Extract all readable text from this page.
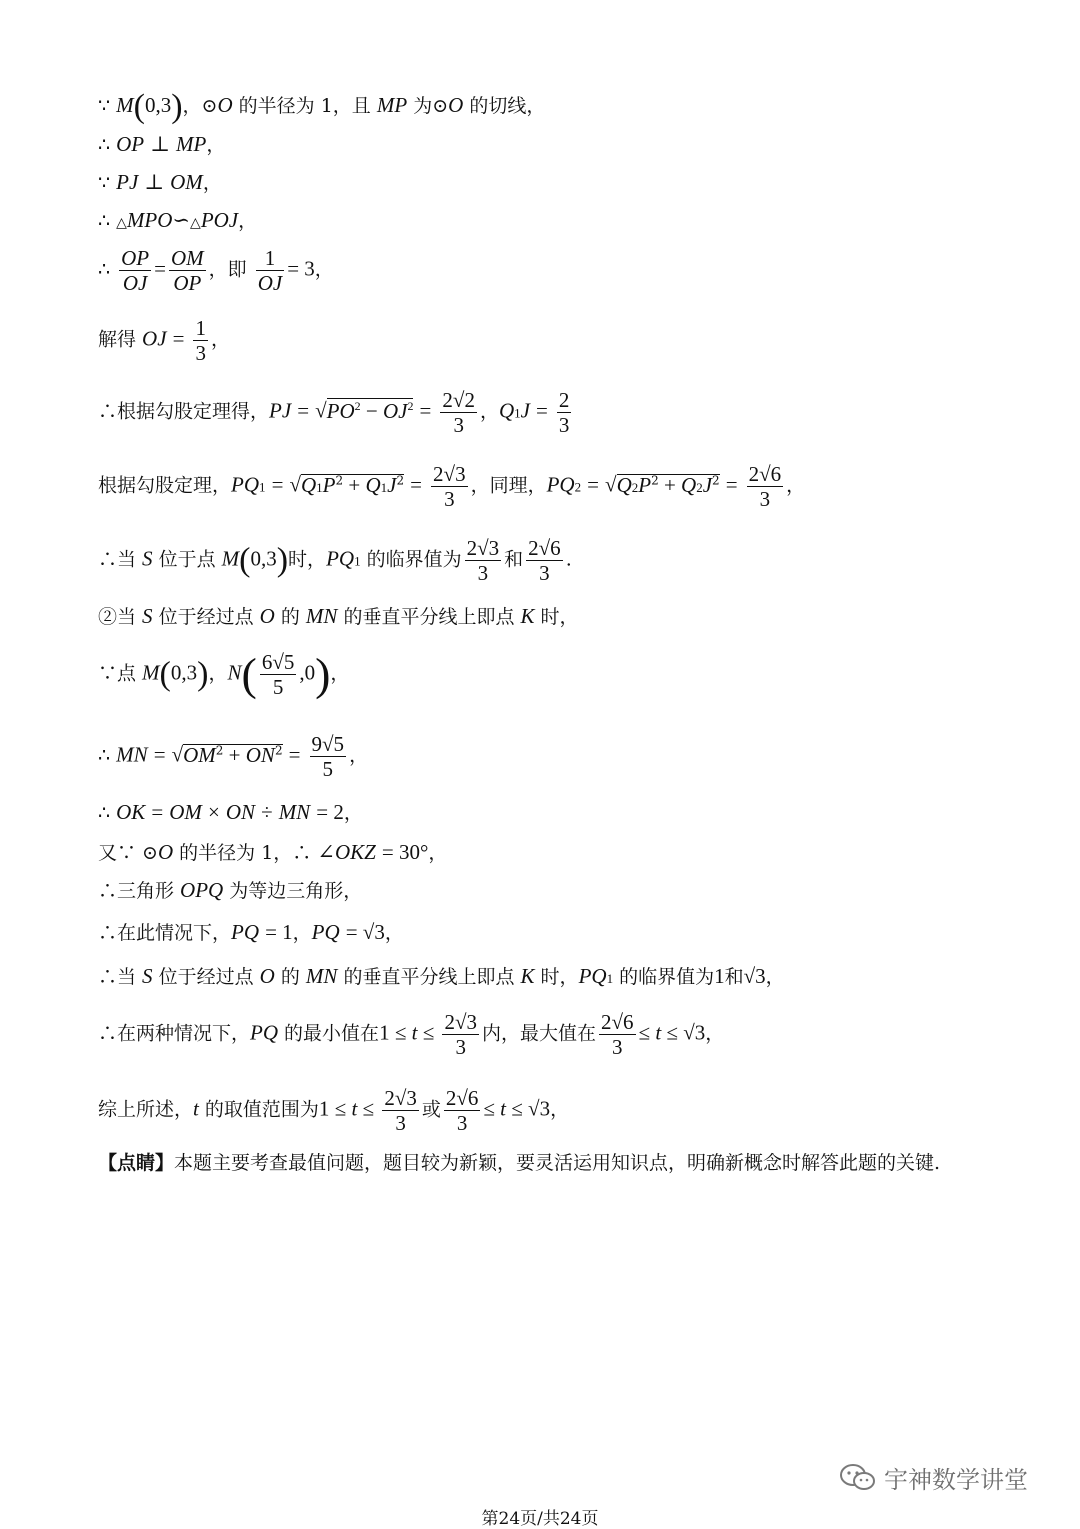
∵ M(0,3)，⊙O 的半径为 1，且 MP 为⊙O 的切线，
∴ OP ⊥ MP，
∵ PJ ⊥ OM，
∴ △MPO∽△POJ，
∴ $\frac{OP}{OJ} = \frac{OM}{OP}$ ，即 $\frac{1}{OJ} = 3$，
解得 OJ = $\frac{1}{3}$ ，
∴根据勾股定理得，PJ = $√PO^2 - OJ^2 = \frac{2√2}{3}$ ，$Q1J = \frac{2}{3}$
根据勾股定理，$PQ1 = √Q1P^2 + Q1J^2 = \frac{2√3}{3}$ ，同理，$PQ2 = √Q2P^2 + Q2J^2 = \frac{2√6}{3}$ ，
∴当 S 位于点 M(0,3)时，PQ1 的临界值为 $\frac{2√3}{3}$ 和 $\frac{2√6}{3}$ .
②当 S 位于经过点 O 的 MN 的垂直平分线上即点 K 时，
∵点 M(0,3)，$N( \frac{6√5}{5} ,0)$，
∴ MN = $√OM^2 + ON^2 = \frac{9√5}{5}$ ，
∴ OK = OM × ON ÷ MN = 2，
又∵ ⊙O 的半径为 1，∴ ∠OKZ = 30°，
∴三角形 OPQ 为等边三角形，
∴在此情况下，PQ = 1，PQ = √3，
∴当 S 位于经过点 O 的 MN 的垂直平分线上即点 K 时，PQ1 的临界值为1和√3，
∴在两种情况下，PQ 的最小值在$1 \le t \le \frac{2√3}{3}$ 内，最大值在 $\frac{2√6}{3} \le t \le √3$，
综上所述，t 的取值范围为$1 \le t \le \frac{2√3}{3}$ 或 $\frac{2√6}{3} \le t \le √3$，
【点睛】本题主要考查最值问题，题目较为新颖，要灵活运用知识点，明确新概念时解答此题的关键.
宇神数学讲堂
第24页/共24页
